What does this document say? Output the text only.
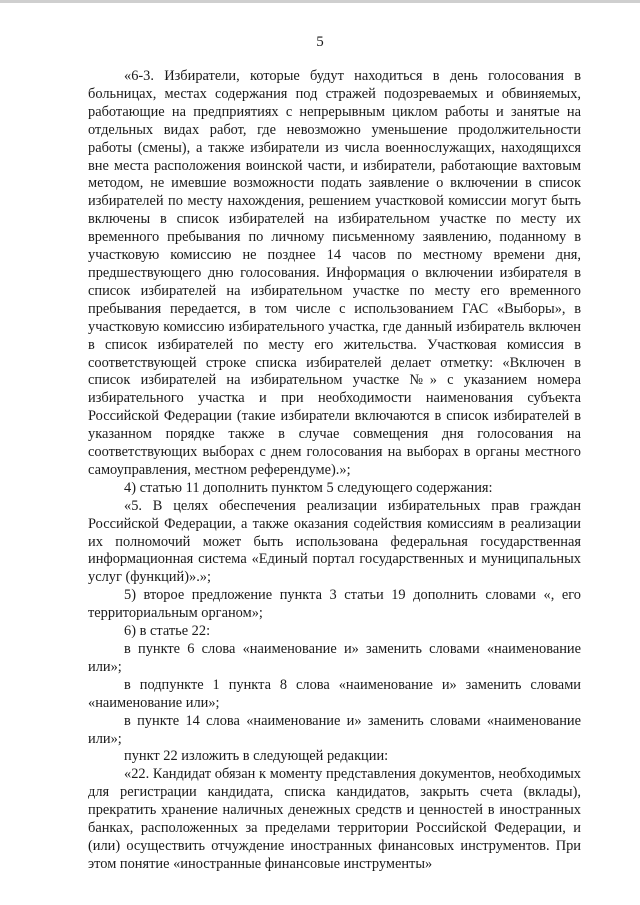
5

«6-3. Избиратели, которые будут находиться в день голосования в больницах, местах содержания под стражей подозреваемых и обвиняемых, работающие на предприятиях с непрерывным циклом работы и занятые на отдельных видах работ, где невозможно уменьшение продолжительности работы (смены), а также избиратели из числа военнослужащих, находящихся вне места расположения воинской части, и избиратели, работающие вахтовым методом, не имевшие возможности подать заявление о включении в список избирателей по месту нахождения, решением участковой комиссии могут быть включены в список избирателей на избирательном участке по месту их временного пребывания по личному письменному заявлению, поданному в участковую комиссию не позднее 14 часов по местному времени дня, предшествующего дню голосования. Информация о включении избирателя в список избирателей на избирательном участке по месту его временного пребывания передается, в том числе с использованием ГАС «Выборы», в участковую комиссию избирательного участка, где данный избиратель включен в список избирателей по месту его жительства. Участковая комиссия в соответствующей строке списка избирателей делает отметку: «Включен в список избирателей на избирательном участке №» с указанием номера избирательного участка и при необходимости наименования субъекта Российской Федерации (такие избиратели включаются в список избирателей в указанном порядке также в случае совмещения дня голосования на соответствующих выборах с днем голосования на выборах в органы местного самоуправления, местном референдуме).»;

4) статью 11 дополнить пунктом 5 следующего содержания:

«5. В целях обеспечения реализации избирательных прав граждан Российской Федерации, а также оказания содействия комиссиям в реализации их полномочий может быть использована федеральная государственная информационная система «Единый портал государственных и муниципальных услуг (функций)».»;

5) второе предложение пункта 3 статьи 19 дополнить словами «, его территориальным органом»;

6) в статье 22:

в пункте 6 слова «наименование и» заменить словами «наименование или»;

в подпункте 1 пункта 8 слова «наименование и» заменить словами «наименование или»;

в пункте 14 слова «наименование и» заменить словами «наименование или»;

пункт 22 изложить в следующей редакции:

«22. Кандидат обязан к моменту представления документов, необходимых для регистрации кандидата, списка кандидатов, закрыть счета (вклады), прекратить хранение наличных денежных средств и ценностей в иностранных банках, расположенных за пределами территории Российской Федерации, и (или) осуществить отчуждение иностранных финансовых инструментов. При этом понятие «иностранные финансовые инструменты»
